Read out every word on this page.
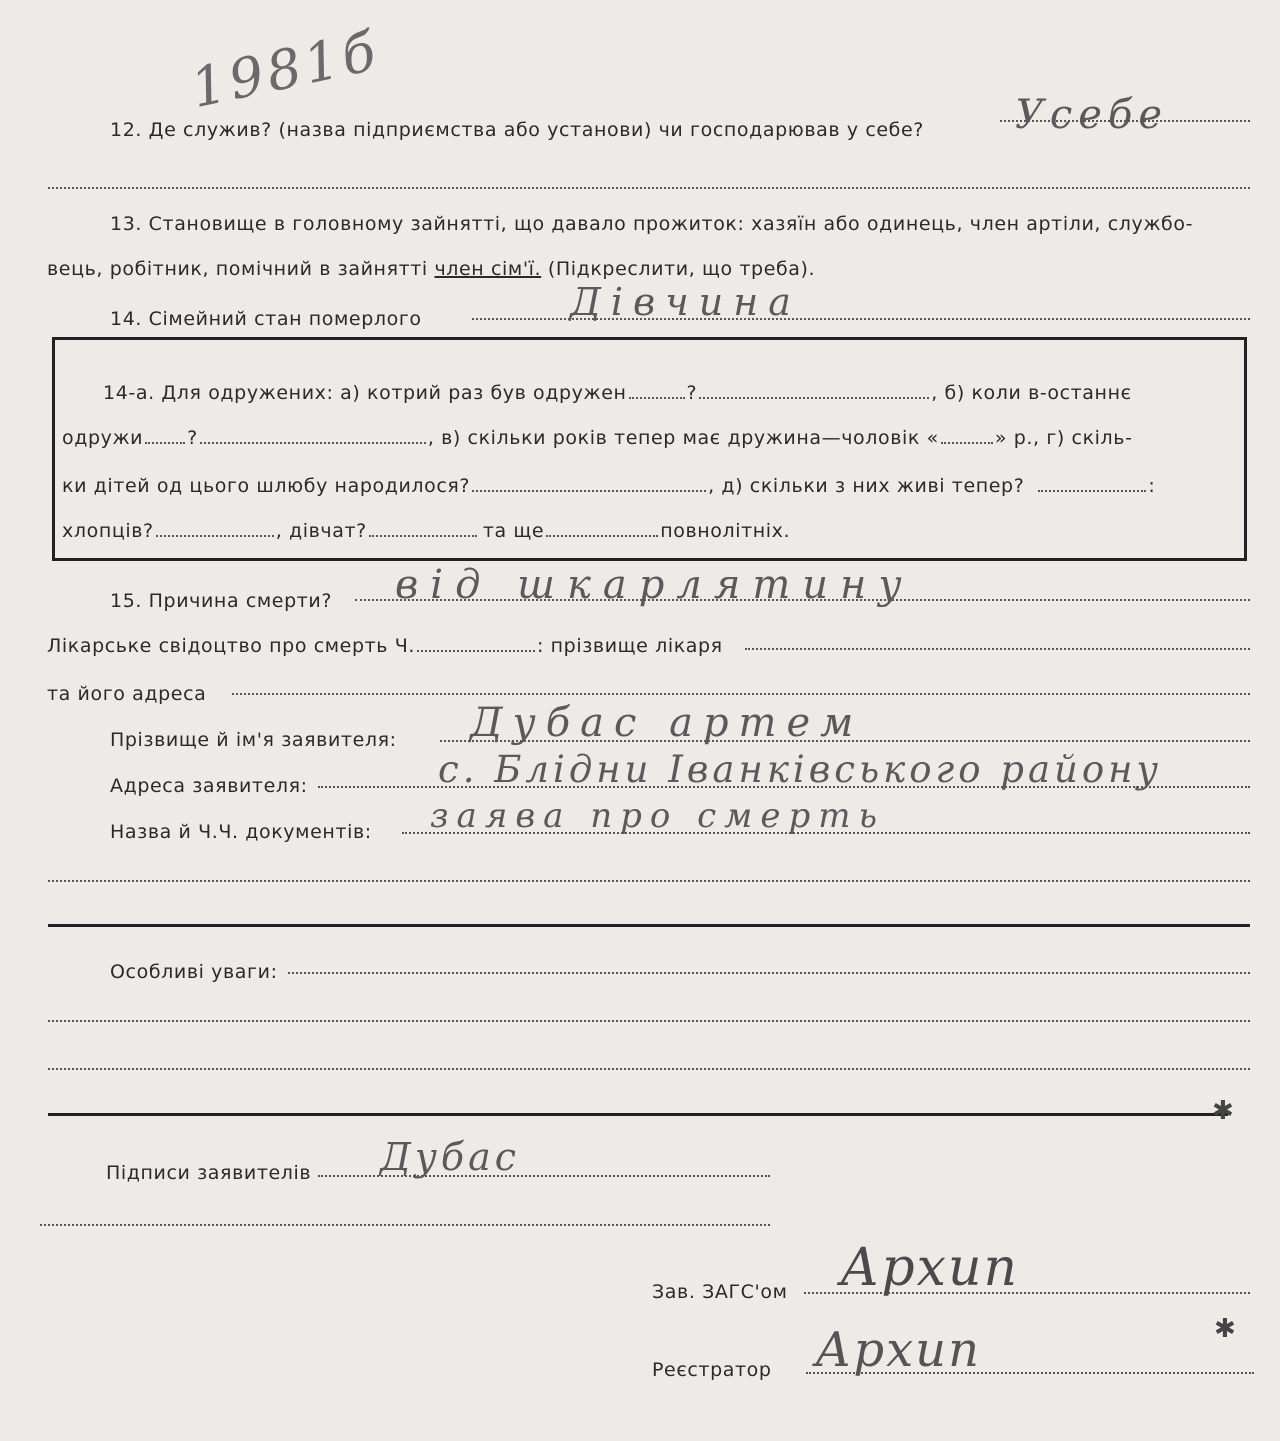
1981б
12. Де служив? (назва підприємства або установи) чи господарював у себе? Усебе
13. Становище в головному зайнятті, що давало прожиток: хазяїн або одинець, член артіли, службо-
вець, робітник, помічний в зайнятті член сім'ї. (Підкреслити, що треба).
14. Сімейний стан померлого	Дівчина
14-а. Для одружених: а) котрий раз був одружен	?	, б) коли в-останнє
одружи ?	, в) скільки років тепер має дружина—чоловік «	» р., г) скіль-
ки дітей од цього шлюбу народилося?	, д) скільки з них живі тепер?	:
хлопців?	, дівчат?	та ще	повнолітніх.
15. Причина смерти? від шкарлятину
Лікарське свідоцтво про смерть Ч.	: прізвище лікаря
та його адреса
Прізвище й ім'я заявителя: Дубас артем
Адреса заявителя:	с. Блідни Іванківського району
Назва й Ч.Ч. документів: заява про смерть
Особливі уваги:
✱
Підписи заявителів Дубас
Зав. ЗАГС'ом Архип
✱
Реєстратор Архип
